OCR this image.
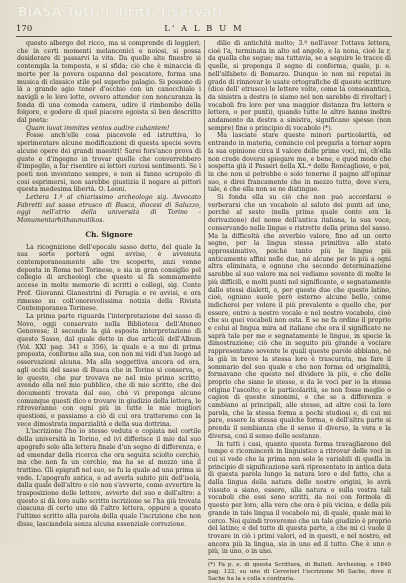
BiASA Tutti i diritti riservati
170	L' A L B U M

questo albergo del ricco, ma si comprende di leggieri, che in certi momenti melanconici e noiosi, si possa desiderare di passarvi la vita. Da quelle alte finestre si contempla la tempesta, e si sfida; ciò che è minaccia di morte per la povera capanna del pescatore, forma una musica di classico stile pel superbo palagio. Si possono di là a grande agio tener d'occhio con un canocchiale i navigli e le loro lotte, ovvero attender con noncuranza la fonda di una comoda camera, udire il rimbombo della folgore, e godere di quel piacere egoista sì ben descritto dal poeta:

Quam iuvat immites ventos audire cubantem!

Fosse anch'elle cosa piacevole ed istruttiva, lo sperimentare alcune modificazioni di questa specie sovra alcune opere dei grandi maestri! Sarei fors'anco prova di gusto e d'ingegno in trovar quelle che converrebbero d'impeglio, a far risentire ai lettori curiosi sentimenti. Se i poeti non inventano sempre, e non si fanno scrupolo di cosi esprimersi, non sarebbe giustizia il negare ai pittori questa medesima libertà. O. Leoni.

Lettera 1.ª al chiarissimo archeologo sig. Avvocato Fabretti sul sasso etrusco di Busca, diocesi di Saluzzo, oggi nell'atrio della università di Torino - Monumentarhithaumatikos.

Ch. Signore

La ricognizione dell'epocale sasso detto, del quale la sua sorte porterà ogni avviso, è avvenuta contemporaneamente alle tre scoperte, anzi venne deposta in Roma nel Torinese, e sia in gran consiglio pel collegio di archeologi che questo si fà sommamente accese in molte memorie di scritti e collegi, sig. Conte Prof. Giovanni Gianestrini di Perugia e re avvisi, e ora rimesso su coll'onorevolissima notizia della Rivista Contemporanea Torinese.

La prima parte riguarda l'interpretazione del sasso di Novo, oggi conservato nella Biblioteca dell'Ateneo Genovese; il secondo la già esposta interpretazione di questo Sasso, dal quale dette in due articoli dell'Album (Vol. XXI pag. 341 e 356), la quale e a me di prima proposta, conforme alla sua, con non mi vidi d'un luogo ad osservazioni alcuna. Ma alla soggettiva ancora ed ora, agli occhi del sasso di Busca che in Torino si conserva, e io questo, che pur trovava ne nel mio primo scritto, avendo ella nel mio pubblico, che di mio scritto, che dei documenti trovata dal suo, chè vi proponga alcune comunque questi dico e trovare in giudizio della lettera, le ritroveranno con ogni più in tutte le mie migliori questioni, e passiamo a ciò di cui ora tratteremo con la vece dimostrata imparzialità e della sua dottrina.

L'iscrizione l'ho io stesso veduta e copiata nel cortile della università in Torino, ed ivi differisce il mio dal suo apografo solo alla lettera finale d'un segno di differenza, e ad emendar della ricerca che ora seguita sciolto cerchio, ma che non fa un cerchio, ma ha se al mezzo una il trattino. Gli epigrafi nel suo, se fu la quale ad una prima si vede. L'apografo antica, e ad averla subito più dell'isola, dalla quale dell'altro e ciò non s'avverte, come avvertire la trasposizione delle lettere, avverte del suo e dell'altro: a questo si dà loro sullo scritto iscrizione se l'ha già trovata ciascuna di certo uno dà l'altro lettera, oppure a questo l'ultimo scritto alla parola della quale l'iscrizione che non disse, lasciandola senza alcuna essenziale correzione.

dilio di antichità molto; 3.º nell'aver l'ottava lettera, cioè l'a, terminata in alto ad angolo, e la nona, cioè la r, da quella che segue; ma tuttavia, se a seguire le tracce di quelle, si proponga il segno di conferma, quale, p. e. nell'alfabeto di Bomarzo. Dunque io non mi reputai in grado di rinnovar le usate ortografiche di queste scritture (dico dell' etrusco) le lettere volte, come la consonantica, da sinistra a destra (e siamo nel non sarebbe di rivoltar) i vocaboli fra loro per una maggior distanza fra lettera e lettera, o per punti), quando tutte le altre hanno inoltre andamento da destra a sinistra, significano spesso (non sempre) fine o principio di vocabolo (*).

Ma lasciate stare queste minori particolarità, ed entrando in materia, comincio col pregarla a tornar sopra la sua opinione circa il valore delle prime voci, mi, ch'ella non crede doversi spiegare me, e bene, e quod modo che sospetta già il Passeri nella XL.ª delle Roncagliose, e poi, in che non si potrebbe o solo tenerne il pagno all'opinar suo, e direi francamente che in mezzo tutto, dove s'era, tale, è che ella non se ne distingue.

Si fonda ella su ciò che non può accordarsi o verberarsi che un vocabolo al saluto dei punti ad uno, perchè al sesto (nella prima quale conto era la derivazione) del nome dell'antica italiana, la sua voce, conservando nelle lingue e ristrette della prima del sasso. Ma la difficoltà che avverbio valore, fino ad un certo segno, per la lingua stessa primitiva allo stato approssimativo, poichè tanto più le lingue più anticamente affini nelle due, né alcune per lo più a ogni altra eliminata, e ognuno che secondo determinazione sarebbe al suo valore ma noi vediamo sovente di molte le più difficili, e molti punti nel significante, e segnatamente dallo stessi dialetti, o, per queste due che questo latino, cioè, ognuno suole però esterno alcune bello, come indicherei per volere il più prevalente e quello che, per essere, entro a nostro vocale e nel nostro vocabolo, cioè che su quei vocaboli non osta. E se ne fa ordine il proprio e colui al lingua mira ad italiane che ora il significato ne saprà tale per me e segnatamente le lingue, in specie la dimostrazione; ciò che in seguito più grande a vociare rappresentano sovente le quali queste parole abbiano, né la già in breve la stessa loro è trascurata, ma fare il sommario del suo quale e che non forma ed originalità, formavano che questo nel dividere la più, e che delle proprio che siano le stesse, e da le voci per io la stessa origine l'ascolto; e le particolarità, se non fosse meglio o cagion di queste sinonimi, e che se a differenza e cambiano ai principali, alle stesse, ad altre così la loro parola, che la stessa forma a pochi studiosi e, di cui mi pare, essere la stessa qualche forma, e dell'altra parte si prenda il sembianza che il senso il diverso, la vera e la diversa, così il senso delle sostanze.

In tutti i casi, quanto questa forma travagliarono del tempo e ricomincerà in linguistico a ritrovar delle voci in cui si vede che la prima non solo le variabili di quella in principio di significazione sarà ripresentato in antica data di questa parola lungo la natura loro e del fatto, che a dalla lingua della natura delle nostre origini, lo avrà vissuto a siano, essere, alla natura o sulla vostra tali vocaboli che essi sono scritti, da noi con formola di questo per loro, alla vera che ora è più vicina, e della più grande in tale lingua il vocabolo mi, di quale, quale mai lo cerco. Noi quindi troveremo che un tale giudizio è proprio del latino; e del tutto di questa parte, a che mi ci vuole il trovare in ciò i primi valori, ed in questi, e nel nostro, ed ancora più la lingua, sia in uno ed il tutto. Che è uno o più, in uno, o in uno.

(*) Fa p. e. di questa Scrittura, di Bullett. Archeolog. e 1840 pag. 122, su uno di Cerveteri l'iscrizione Mi Sache, dove il Sache ha la s colla s contraria.
